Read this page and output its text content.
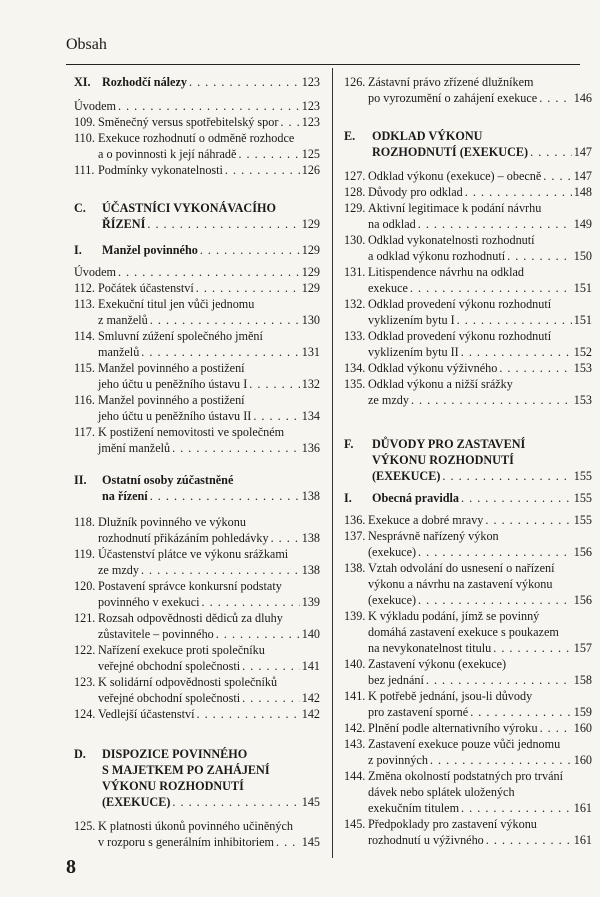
Obsah
XI. Rozhodčí nálezy . . .	123
Úvodem . . .	123
109. Směnečný versus spotřebitelský spor . . . 123
110. Exekuce rozhodnutí o odměně rozhodce
a o povinnosti k její náhradě . . .	125
111. Podmínky vykonatelnosti . . .	126
C. ÚČASTNÍCI VYKONÁVACÍHO
ŘÍZENÍ . . .	129
I. Manžel povinného . . .	129
Úvodem . . .	129
112. Počátek účastenství . . .	129
113. Exekuční titul jen vůči jednomu
z manželů . . .	130
114. Smluvní zúžení společného jmění
manželů . . .	131
115. Manžel povinného a postižení
jeho účtu u peněžního ústavu I . . .	132
116. Manžel povinného a postižení
jeho účtu u peněžního ústavu II . . .	134
117. K postižení nemovitosti ve společném
jmění manželů . . .	136
II. Ostatní osoby zúčastněné
na řízení . . .	138
118. Dlužník povinného ve výkonu
rozhodnutí přikázáním pohledávky . . .	138
119. Účastenství plátce ve výkonu srážkami
ze mzdy . . .	138
120. Postavení správce konkursní podstaty
povinného v exekuci . . .	139
121. Rozsah odpovědnosti dědiců za dluhy
zůstavitele – povinného . . .	140
122. Nařízení exekuce proti společníku
veřejné obchodní společnosti . . .	141
123. K solidární odpovědnosti společníků
veřejné obchodní společnosti . . .	142
124. Vedlejší účastenství . . .	142
D. DISPOZICE POVINNÉHO
S MAJETKEM PO ZAHÁJENÍ
VÝKONU ROZHODNUTÍ
(EXEKUCE) . . .	145
125. K platnosti úkonů povinného učiněných
v rozporu s generálním inhibitoriem . . . 145
126. Zástavní právo zřízené dlužníkem
po vyrozumění o zahájení exekuce . . .	146
E. ODKLAD VÝKONU
ROZHODNUTÍ (EXEKUCE) . . .	147
127. Odklad výkonu (exekuce) – obecně . . .	147
128. Důvody pro odklad . . .	148
129. Aktivní legitimace k podání návrhu
na odklad . . .	149
130. Odklad vykonatelnosti rozhodnutí
a odklad výkonu rozhodnutí . . .	150
131. Litispendence návrhu na odklad
exekuce . . .	151
132. Odklad provedení výkonu rozhodnutí
vyklizením bytu I . . .	151
133. Odklad provedení výkonu rozhodnutí
vyklizením bytu II . . .	152
134. Odklad výkonu výživného . . .	153
135. Odklad výkonu a nižší srážky
ze mzdy . . .	153
F. DŮVODY PRO ZASTAVENÍ
VÝKONU ROZHODNUTÍ
(EXEKUCE) . . .	155
I. Obecná pravidla . . .	155
136. Exekuce a dobré mravy . . .	155
137. Nesprávně nařízený výkon
(exekuce) . . .	156
138. Vztah odvolání do usnesení o nařízení
výkonu a návrhu na zastavení výkonu
(exekuce) . . .	156
139. K výkladu podání, jímž se povinný
domáhá zastavení exekuce s poukazem
na nevykonatelnost titulu . . .	157
140. Zastavení výkonu (exekuce)
bez jednání . . .	158
141. K potřebě jednání, jsou-li důvody
pro zastavení sporné . . .	159
142. Plnění podle alternativního výroku . . .	160
143. Zastavení exekuce pouze vůči jednomu
z povinných . . .	160
144. Změna okolností podstatných pro trvání
dávek nebo splátek uložených
exekučním titulem . . .	161
145. Předpoklady pro zastavení výkonu
rozhodnutí u výživného . . .	161
8
